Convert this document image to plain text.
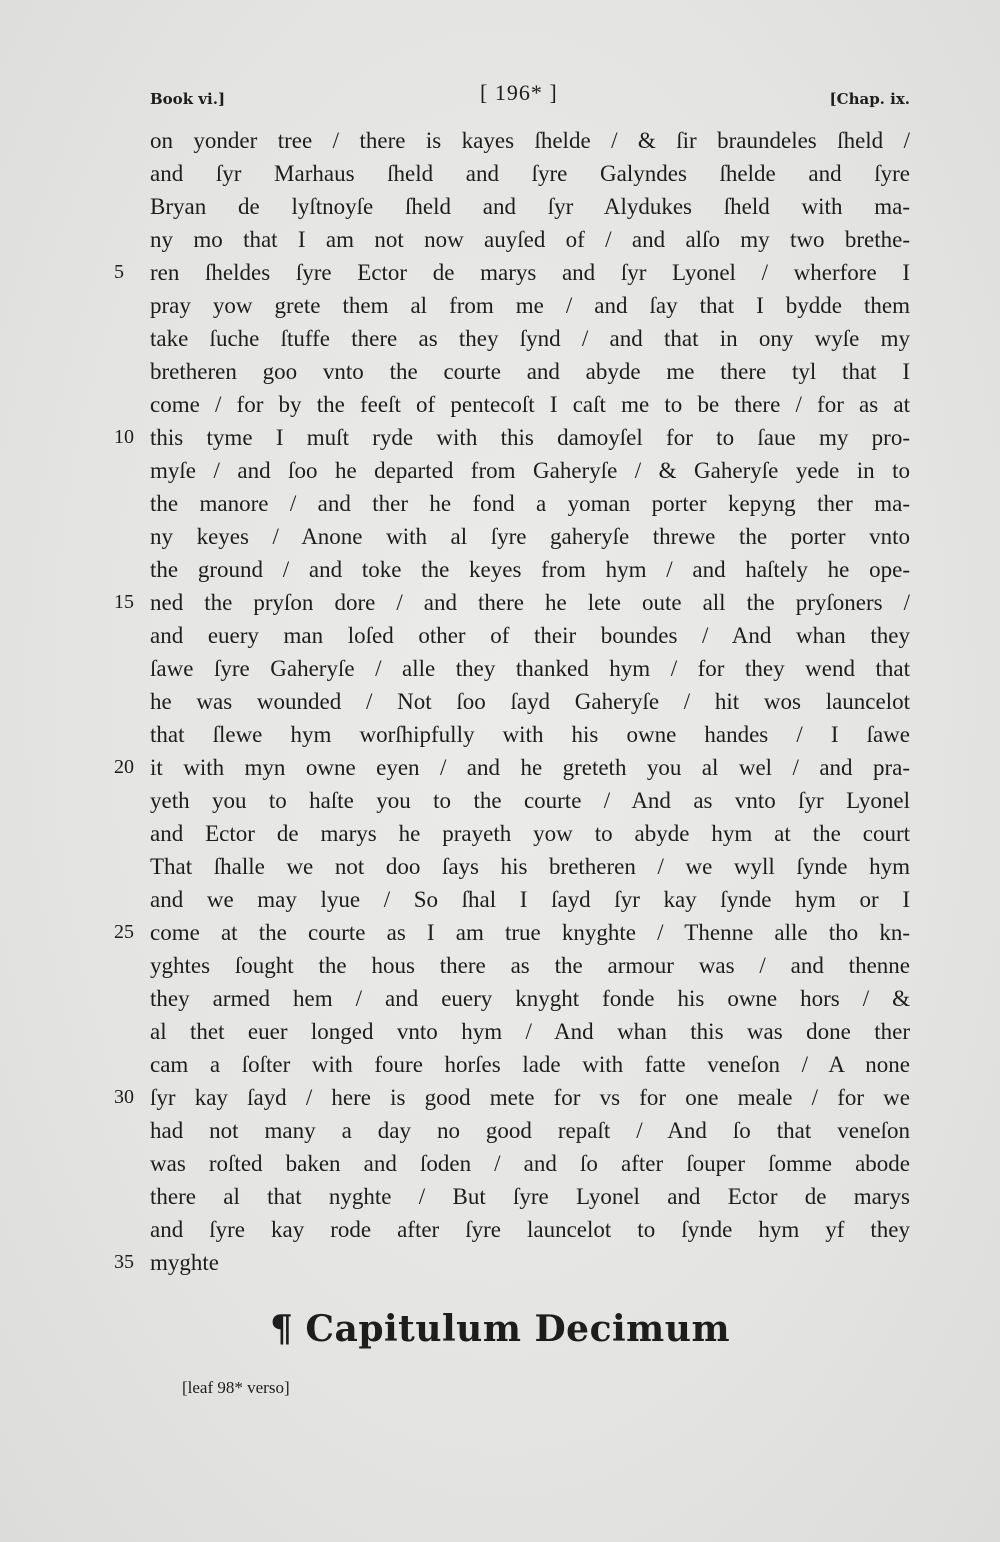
Book vi.]	[ 196* ]	[Chap. ix.
on yonder tree / there is kayes ſhelde / & ſir braundeles ſheld /
and ſyr Marhaus ſheld and ſyre Galyndes ſhelde and ſyre
Bryan de lyſtnoyſe ſheld and ſyr Alydukes ſheld with ma-
ny mo that I am not now auyſed of / and alſo my two brethe-
5	ren ſheldes ſyre Ector de marys and ſyr Lyonel / wherfore I
pray yow grete them al from me / and ſay that I bydde them
take ſuche ſtuffe there as they ſynd / and that in ony wyſe my
bretheren goo vnto the courte and abyde me there tyl that I
come / for by the feeſt of pentecoſt I caſt me to be there / for as at
10 this tyme I muſt ryde with this damoyſel for to ſaue my pro-
myſe / and ſoo he departed from Gaheryſe / & Gaheryſe yede in to
the manore / and ther he fond a yoman porter kepyng ther ma-
ny keyes / Anone with al ſyre gaheryſe threwe the porter vnto
the ground / and toke the keyes from hym / and haſtely he ope-
15 ned the pryſon dore / and there he lete oute all the pryſoners /
and euery man loſed other of their boundes / And whan they
ſawe ſyre Gaheryſe / alle they thanked hym / for they wend that
he was wounded / Not ſoo ſayd Gaheryſe / hit wos launcelot
that ſlewe hym worſhipfully with his owne handes / I ſawe
20 it with myn owne eyen / and he greteth you al wel / and pra-
yeth you to haſte you to the courte / And as vnto ſyr Lyonel
and Ector de marys he prayeth yow to abyde hym at the court
That ſhalle we not doo ſays his bretheren / we wyll ſynde hym
and we may lyue / So ſhal I ſayd ſyr kay ſynde hym or I
25 come at the courte as I am true knyghte / Thenne alle tho kn-
yghtes ſought the hous there as the armour was / and thenne
they armed hem / and euery knyght fonde his owne hors / &
al thet euer longed vnto hym / And whan this was done ther
cam a ſoſter with foure horſes lade with fatte veneſon / A none
30 ſyr kay ſayd / here is good mete for vs for one meale / for we
had not many a day no good repaſt / And ſo that veneſon
was roſted baken and ſoden / and ſo after ſouper ſomme abode
there al that nyghte / But ſyre Lyonel and Ector de marys
and ſyre kay rode after ſyre launcelot to ſynde hym yf they
35 myghte
¶ Capitulum Decimum
[leaf 98* verso]
